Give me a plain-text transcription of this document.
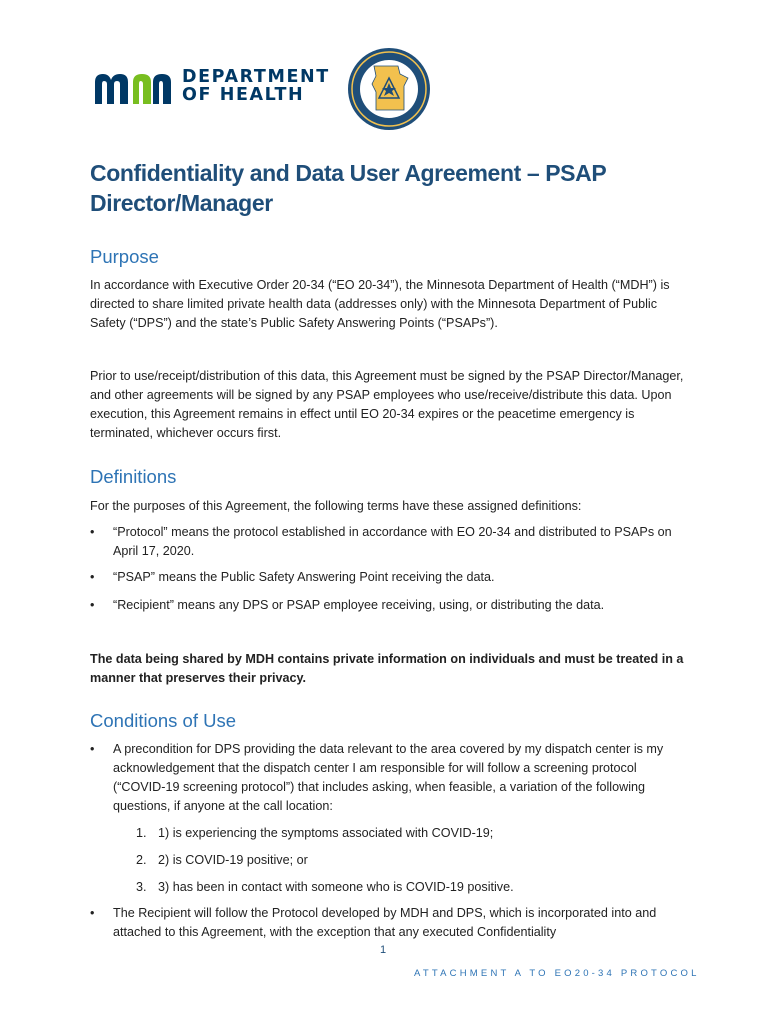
DEPARTMENT
OF HEALTH
Confidentiality and Data User Agreement – PSAP Director/Manager
Purpose

In accordance with Executive Order 20-34 (“EO 20-34”), the Minnesota Department of Health (“MDH”) is directed to share limited private health data (addresses only) with the Minnesota Department of Public Safety (“DPS”) and the state’s Public Safety Answering Points (“PSAPs”).

Prior to use/receipt/distribution of this data, this Agreement must be signed by the PSAP Director/Manager, and other agreements will be signed by any PSAP employees who use/receive/distribute this data. Upon execution, this Agreement remains in effect until EO 20-34 expires or the peacetime emergency is terminated, whichever occurs first.

Definitions

For the purposes of this Agreement, the following terms have these assigned definitions:

• “Protocol” means the protocol established in accordance with EO 20-34 and distributed to PSAPs on April 17, 2020.
• “PSAP” means the Public Safety Answering Point receiving the data.
• “Recipient” means any DPS or PSAP employee receiving, using, or distributing the data.

The data being shared by MDH contains private information on individuals and must be treated in a manner that preserves their privacy.

Conditions of Use
• A precondition for DPS providing the data relevant to the area covered by my dispatch center is my acknowledgement that the dispatch center I am responsible for will follow a screening protocol (“COVID-19 screening protocol”) that includes asking, when feasible, a variation of the following questions, if anyone at the call location:
1. 1) is experiencing the symptoms associated with COVID-19;
2. 2) is COVID-19 positive; or
3. 3) has been in contact with someone who is COVID-19 positive.
• The Recipient will follow the Protocol developed by MDH and DPS, which is incorporated into and attached to this Agreement, with the exception that any executed Confidentiality
1
ATTACHMENT A TO EO20-34 PROTOCOL
